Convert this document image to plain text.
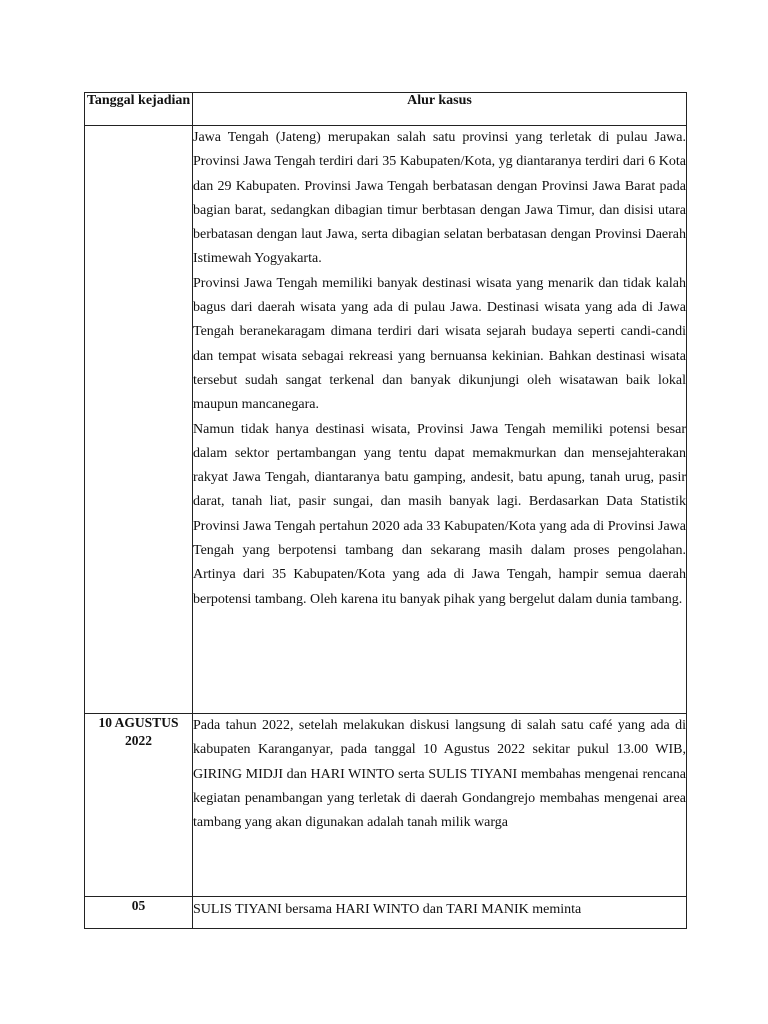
Tanggal kejadian	Alur kasus

	Jawa Tengah (Jateng) merupakan salah satu provinsi yang terletak di pulau Jawa. Provinsi Jawa Tengah terdiri dari 35 Kabupaten/Kota, yg diantaranya terdiri dari 6 Kota dan 29 Kabupaten. Provinsi Jawa Tengah berbatasan dengan Provinsi Jawa Barat pada bagian barat, sedangkan dibagian timur berbtasan dengan Jawa Timur, dan disisi utara berbatasan dengan laut Jawa, serta dibagian selatan berbatasan dengan Provinsi Daerah Istimewah Yogyakarta.

Provinsi Jawa Tengah memiliki banyak destinasi wisata yang menarik dan tidak kalah bagus dari daerah wisata yang ada di pulau Jawa. Destinasi wisata yang ada di Jawa Tengah beranekaragam dimana terdiri dari wisata sejarah budaya seperti candi-candi dan tempat wisata sebagai rekreasi yang bernuansa kekinian. Bahkan destinasi wisata tersebut sudah sangat terkenal dan banyak dikunjungi oleh wisatawan baik lokal maupun mancanegara.

Namun tidak hanya destinasi wisata, Provinsi Jawa Tengah memiliki potensi besar dalam sektor pertambangan yang tentu dapat memakmurkan dan mensejahterakan rakyat Jawa Tengah, diantaranya batu gamping, andesit, batu apung, tanah urug, pasir darat, tanah liat, pasir sungai, dan masih banyak lagi. Berdasarkan Data Statistik Provinsi Jawa Tengah pertahun 2020 ada 33 Kabupaten/Kota yang ada di Provinsi Jawa Tengah yang berpotensi tambang dan sekarang masih dalam proses pengolahan. Artinya dari 35 Kabupaten/Kota yang ada di Jawa Tengah, hampir semua daerah berpotensi tambang. Oleh karena itu banyak pihak yang bergelut dalam dunia tambang.

10 AGUSTUS 2022	Pada tahun 2022, setelah melakukan diskusi langsung di salah satu café yang ada di kabupaten Karanganyar, pada tanggal 10 Agustus 2022 sekitar pukul 13.00 WIB, GIRING MIDJI dan HARI WINTO serta SULIS TIYANI membahas mengenai rencana kegiatan penambangan yang terletak di daerah Gondangrejo membahas mengenai area tambang yang akan digunakan adalah tanah milik warga

05	SULIS TIYANI bersama HARI WINTO dan TARI MANIK meminta
